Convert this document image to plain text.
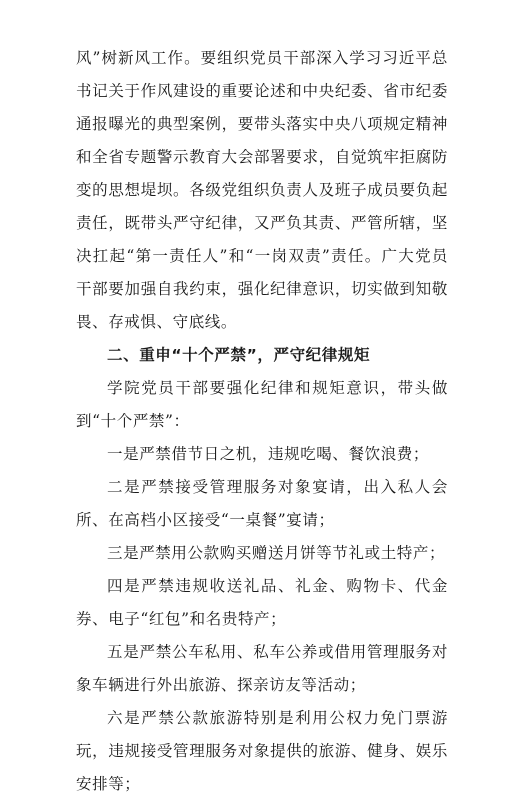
风”树新风工作。要组织党员干部深入学习习近平总书记关于作风建设的重要论述和中央纪委、省市纪委通报曝光的典型案例，要带头落实中央八项规定精神和全省专题警示教育大会部署要求，自觉筑牢拒腐防变的思想堤坝。各级党组织负责人及班子成员要负起责任，既带头严守纪律，又严负其责、严管所辖，坚决扛起“第一责任人”和“一岗双责”责任。广大党员干部要加强自我约束，强化纪律意识，切实做到知敬畏、存戒惧、守底线。

二、重申“十个严禁”，严守纪律规矩

学院党员干部要强化纪律和规矩意识，带头做到“十个严禁”：

一是严禁借节日之机，违规吃喝、餐饮浪费；

二是严禁接受管理服务对象宴请，出入私人会所、在高档小区接受“一桌餐”宴请；

三是严禁用公款购买赠送月饼等节礼或土特产；

四是严禁违规收送礼品、礼金、购物卡、代金券、电子“红包”和名贵特产；

五是严禁公车私用、私车公养或借用管理服务对象车辆进行外出旅游、探亲访友等活动；

六是严禁公款旅游特别是利用公权力免门票游玩，违规接受管理服务对象提供的旅游、健身、娱乐安排等；
